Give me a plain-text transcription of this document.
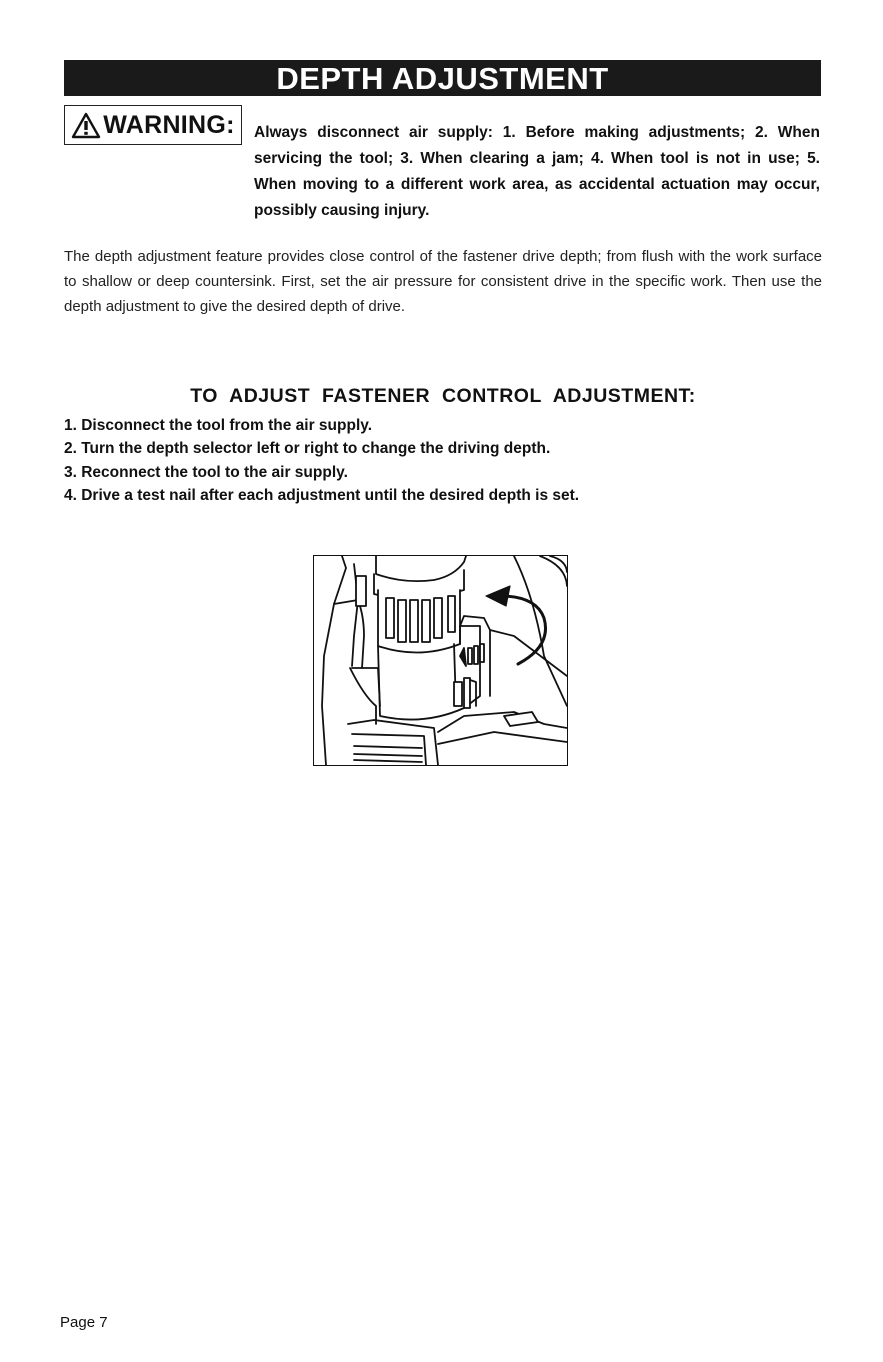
DEPTH ADJUSTMENT
WARNING: Always disconnect air supply: 1. Before making adjustments; 2. When servicing the tool; 3. When clearing a jam; 4. When tool is not in use; 5. When moving to a different work area, as accidental actuation may occur, possibly causing injury.
The depth adjustment feature provides close control of the fastener drive depth; from flush with the work surface to shallow or deep countersink. First, set the air pressure for consistent drive in the specific work. Then use the depth adjustment to give the desired depth of drive.
TO ADJUST FASTENER CONTROL ADJUSTMENT:
1. Disconnect the tool from the air supply.
2. Turn the depth selector left or right to change the driving depth.
3. Reconnect the tool to the air supply.
4. Drive a test nail after each adjustment until the desired depth is set.
Page 7
